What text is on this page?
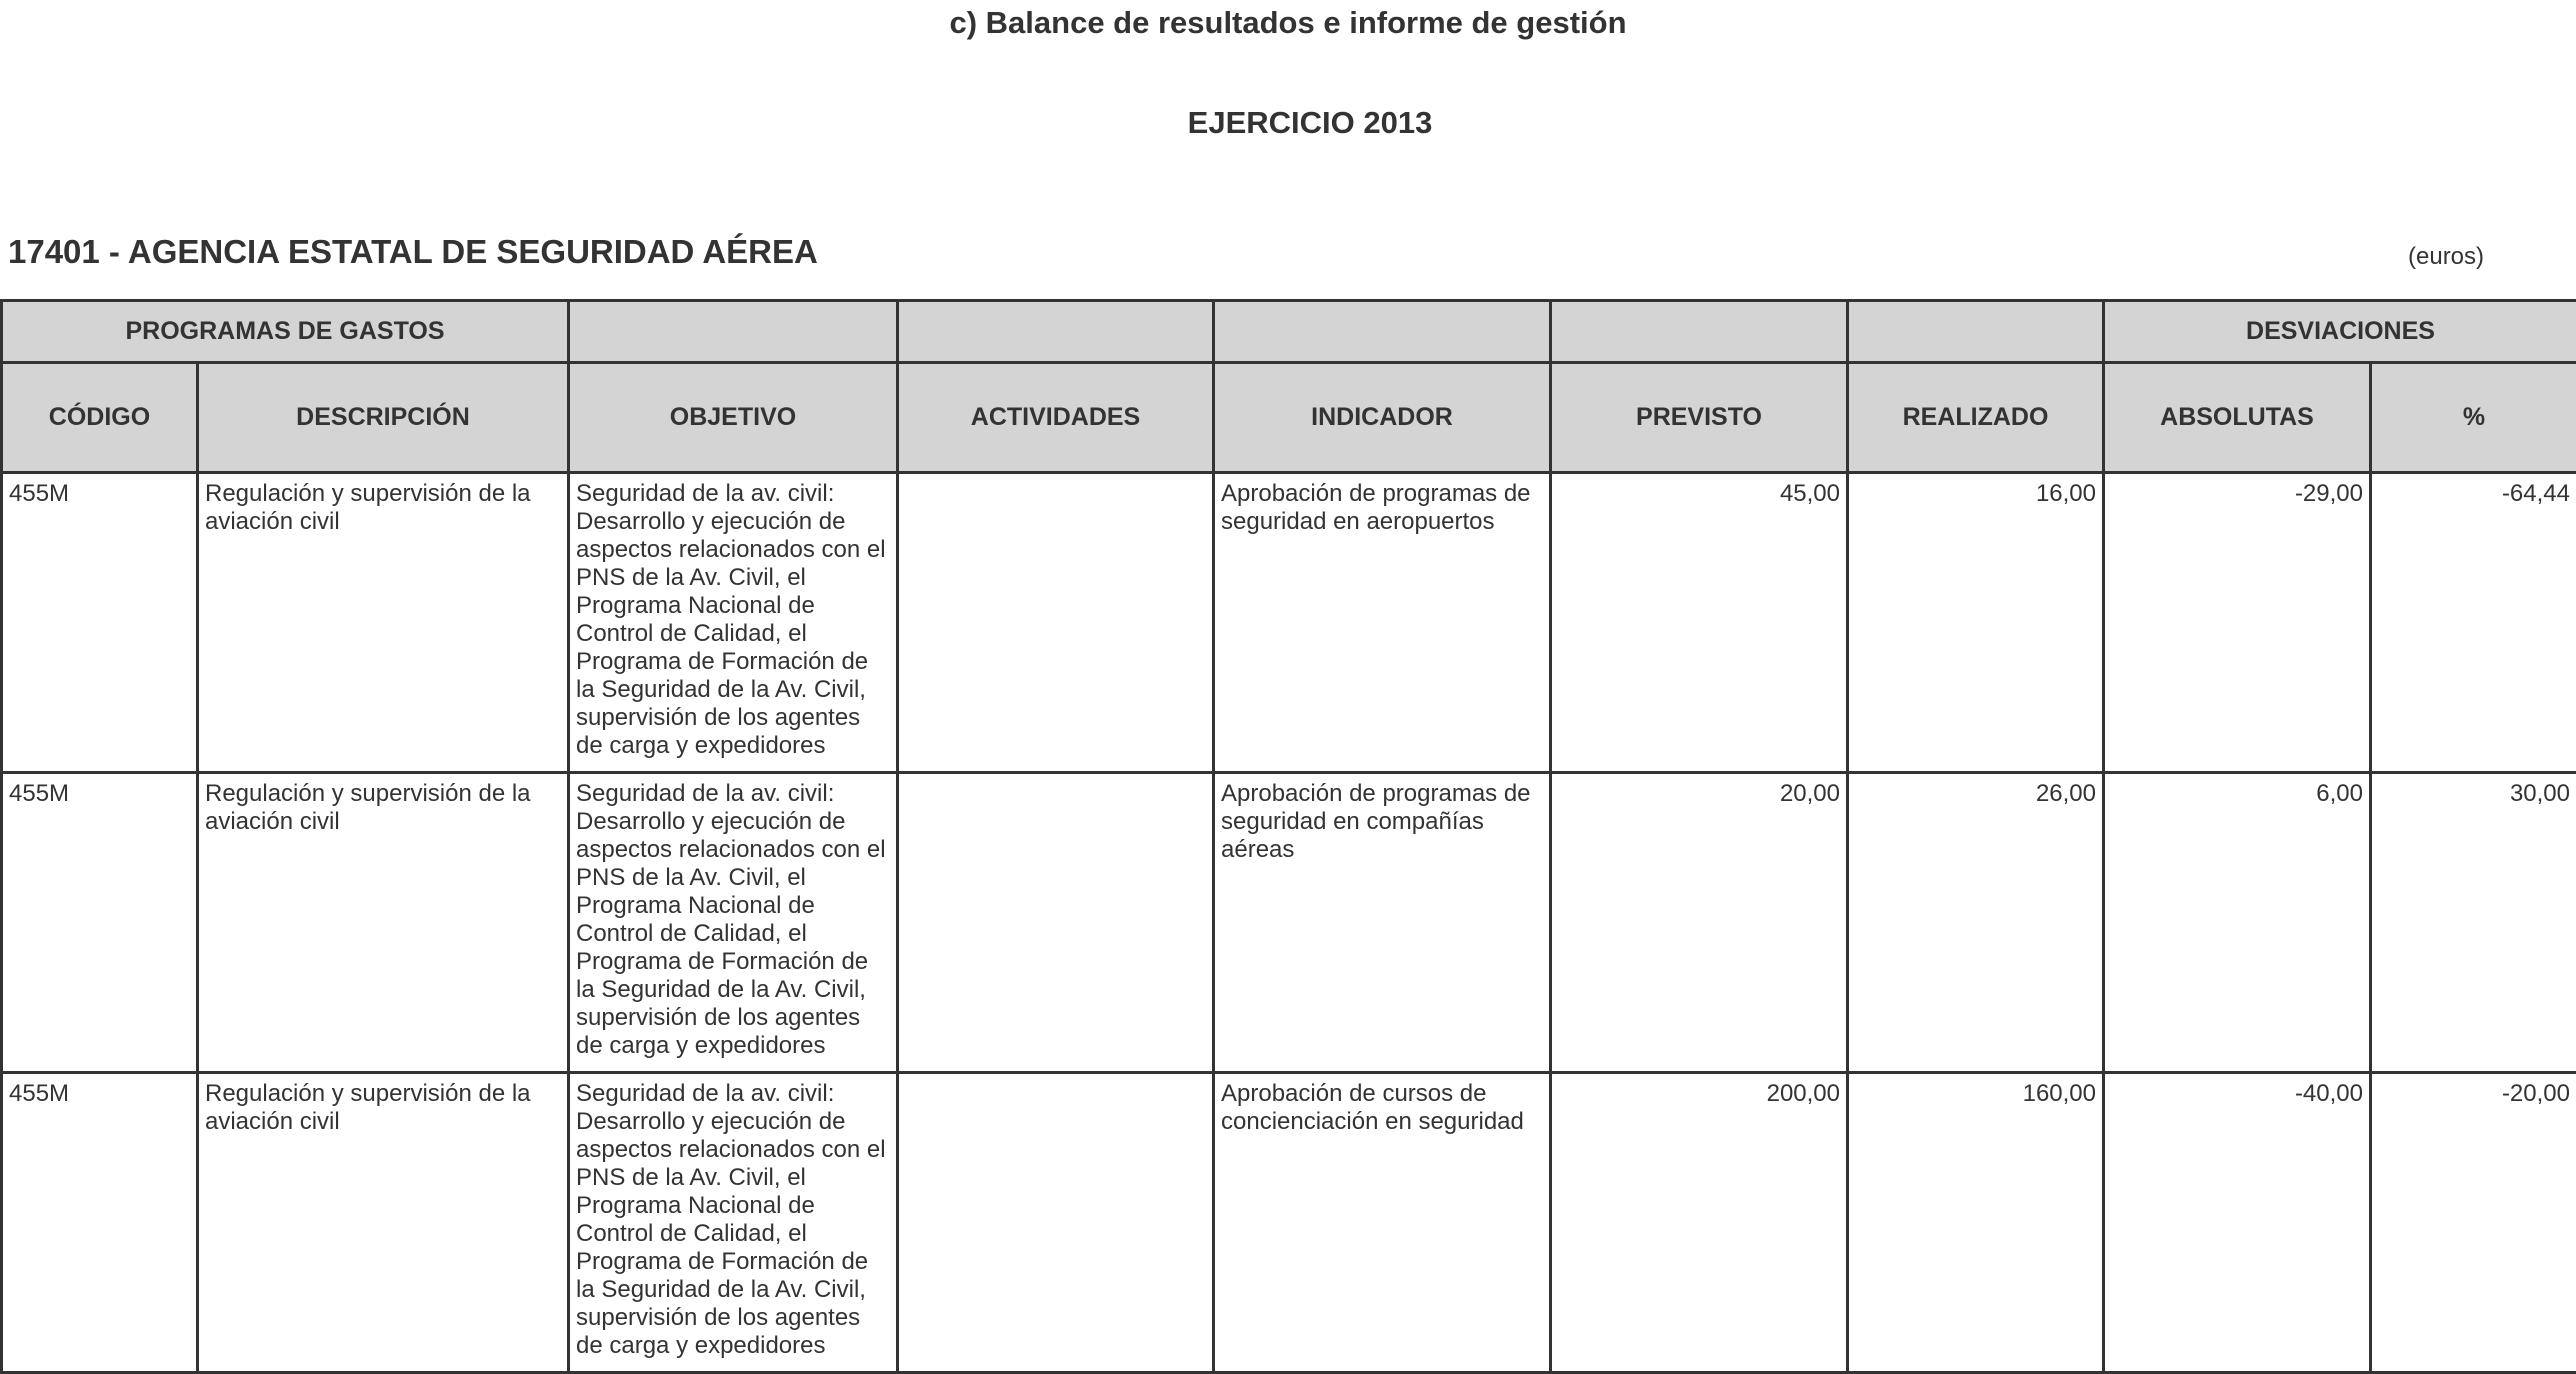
c) Balance de resultados e informe de gestión
EJERCICIO 2013
17401 - AGENCIA ESTATAL DE SEGURIDAD AÉREA	(euros)
PROGRAMAS DE GASTOS							DESVIACIONES	
CÓDIGO	DESCRIPCIÓN	OBJETIVO	ACTIVIDADES	INDICADOR	PREVISTO	REALIZADO	ABSOLUTAS	%
455M	Regulación y supervisión de la aviación civil	Seguridad de la av. civil: Desarrollo y ejecución de aspectos relacionados con el PNS de la Av. Civil, el Programa Nacional de Control de Calidad, el Programa de Formación de la Seguridad de la Av. Civil, supervisión de los agentes de carga y expedidores		Aprobación de programas de seguridad en aeropuertos	45,00	16,00	-29,00	-64,44
455M	Regulación y supervisión de la aviación civil	Seguridad de la av. civil: Desarrollo y ejecución de aspectos relacionados con el PNS de la Av. Civil, el Programa Nacional de Control de Calidad, el Programa de Formación de la Seguridad de la Av. Civil, supervisión de los agentes de carga y expedidores		Aprobación de programas de seguridad en compañías aéreas	20,00	26,00	6,00	30,00
455M	Regulación y supervisión de la aviación civil	Seguridad de la av. civil: Desarrollo y ejecución de aspectos relacionados con el PNS de la Av. Civil, el Programa Nacional de Control de Calidad, el Programa de Formación de la Seguridad de la Av. Civil, supervisión de los agentes de carga y expedidores		Aprobación de cursos de concienciación en seguridad	200,00	160,00	-40,00	-20,00
